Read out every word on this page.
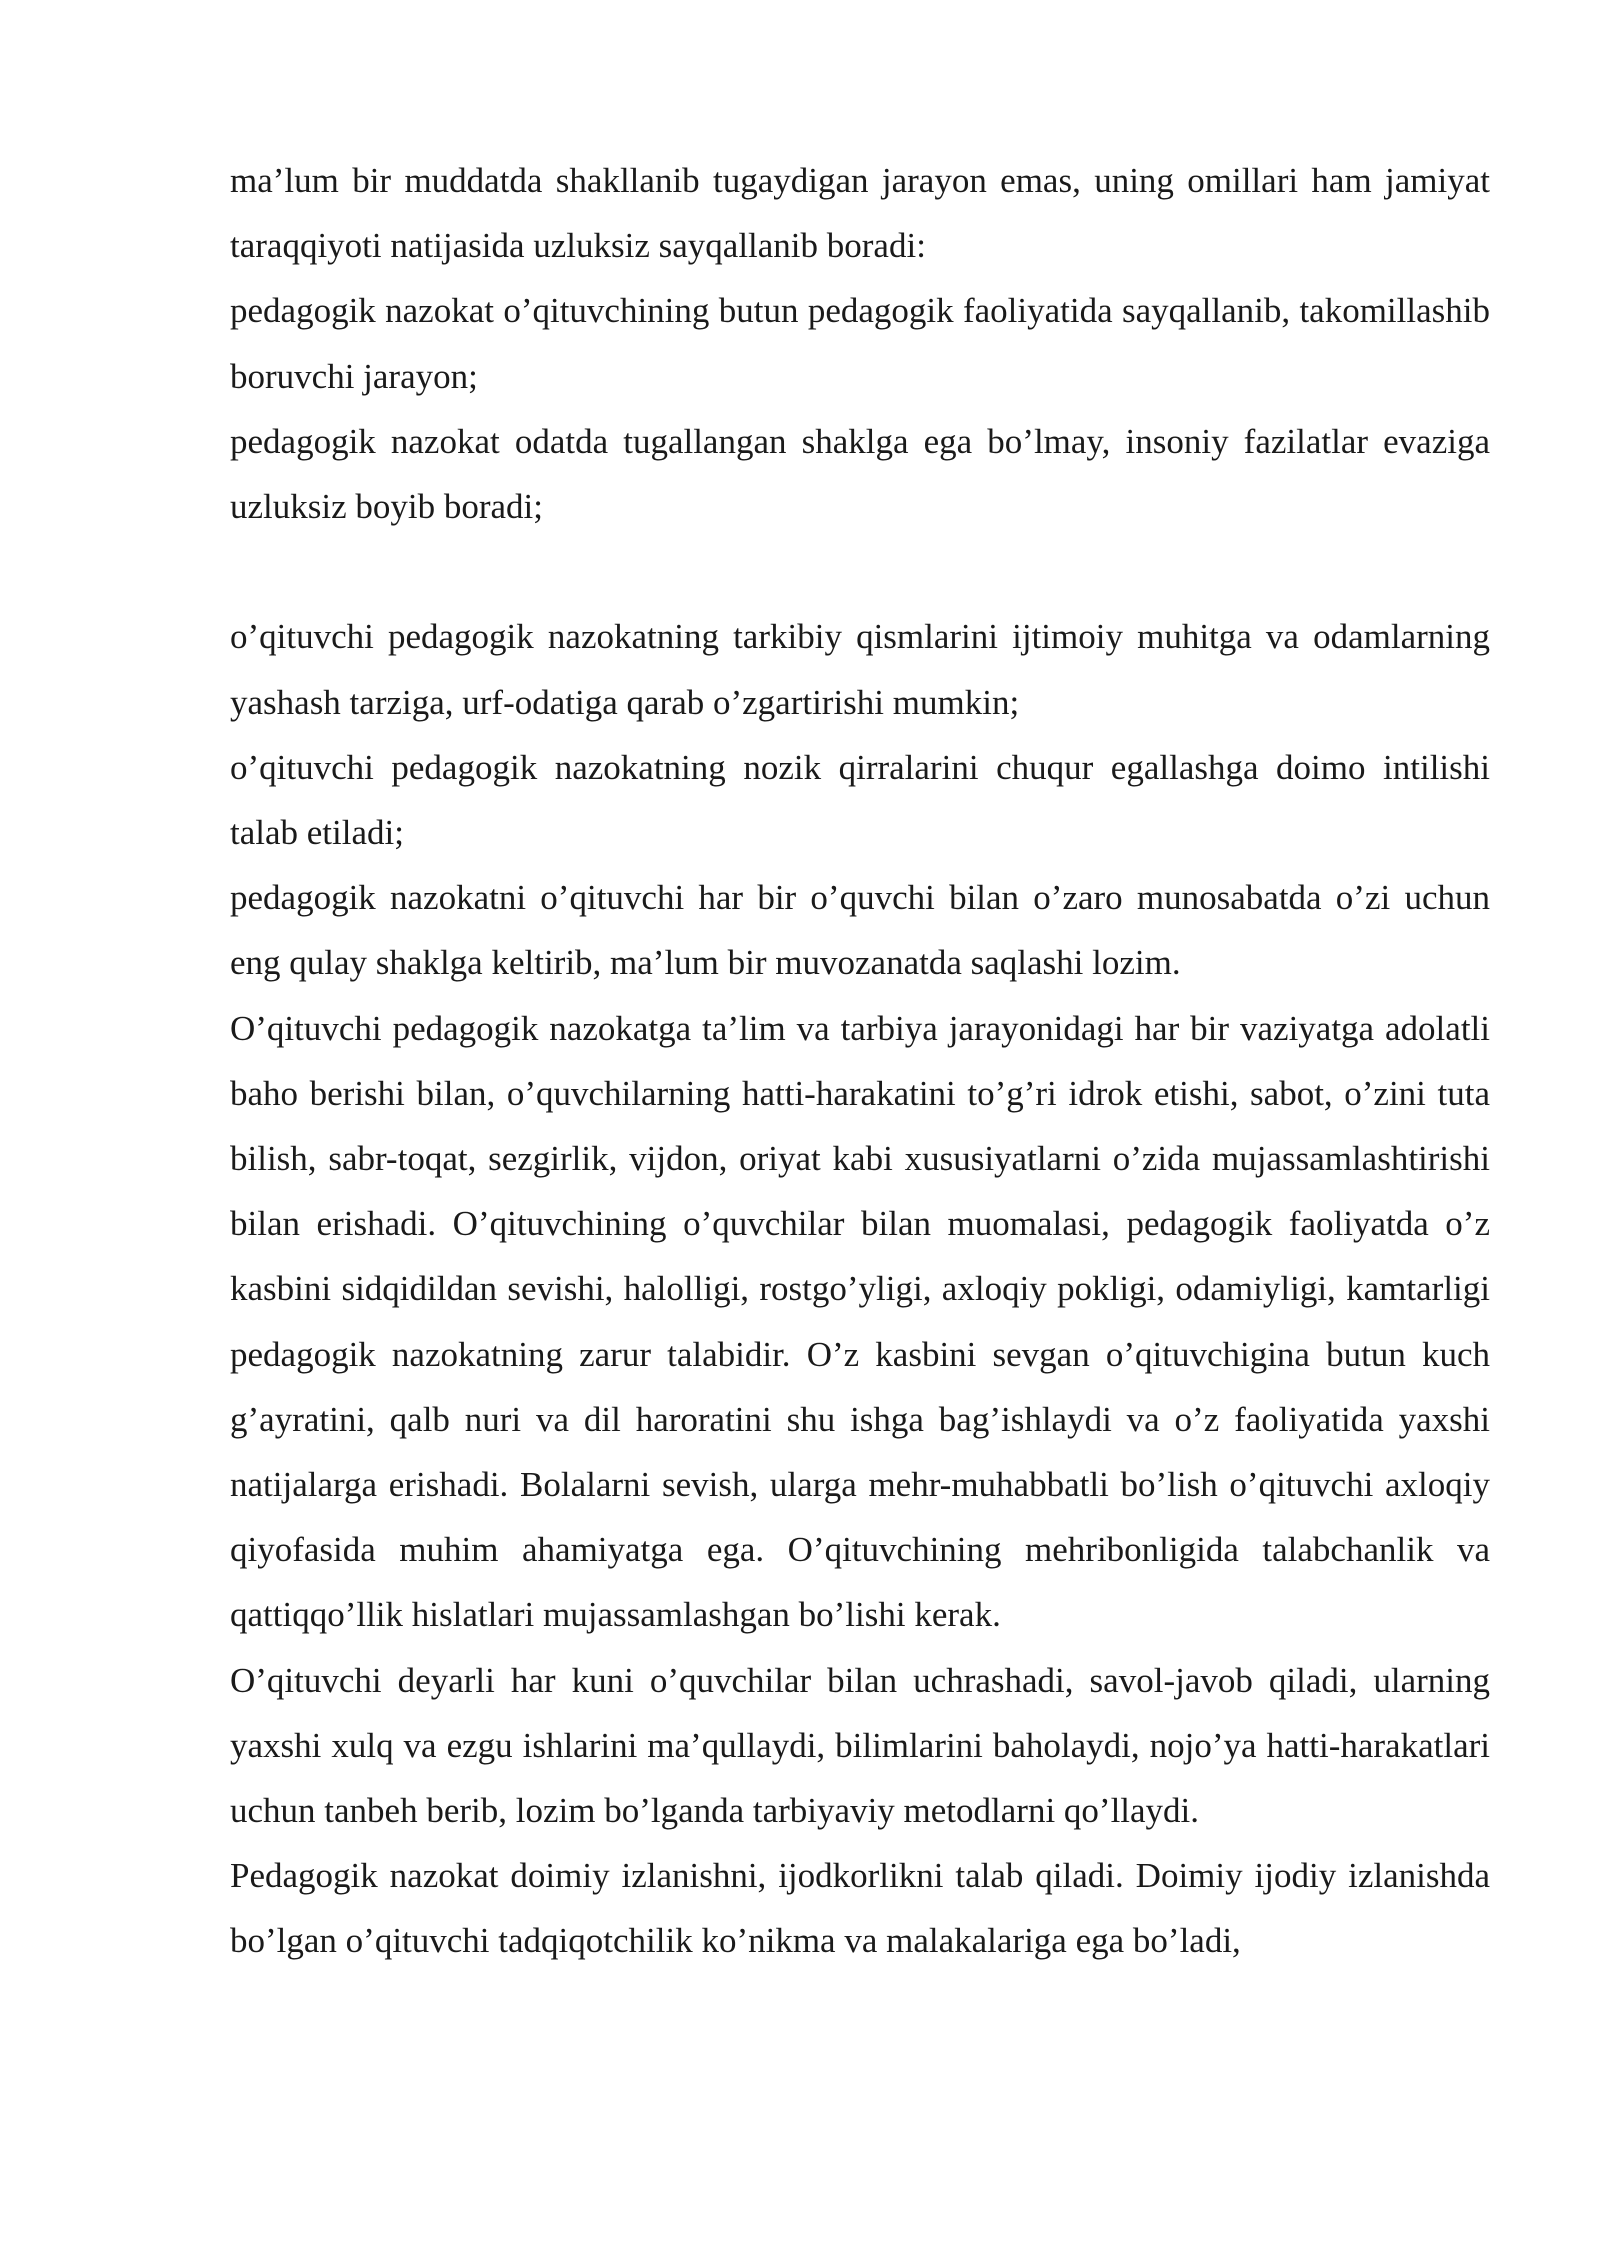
ma’lum bir muddatda shakllanib tugaydigan jarayon emas, uning omillari ham jamiyat taraqqiyoti natijasida uzluksiz sayqallanib boradi:

pedagogik nazokat o’qituvchining butun pedagogik faoliyatida sayqallanib, takomillashib boruvchi jarayon;

pedagogik nazokat odatda tugallangan shaklga ega bo’lmay, insoniy fazilatlar evaziga uzluksiz boyib boradi;

o’qituvchi pedagogik nazokatning tarkibiy qismlarini ijtimoiy muhitga va odamlarning yashash tarziga, urf-odatiga qarab o’zgartirishi mumkin;

o’qituvchi pedagogik nazokatning nozik qirralarini chuqur egallashga doimo intilishi talab etiladi;

pedagogik nazokatni o’qituvchi har bir o’quvchi bilan o’zaro munosabatda o’zi uchun eng qulay shaklga keltirib, ma’lum bir muvozanatda saqlashi lozim.

O’qituvchi pedagogik nazokatga ta’lim va tarbiya jarayonidagi har bir vaziyatga adolatli baho berishi bilan, o’quvchilarning hatti-harakatini to’g’ri idrok etishi, sabot, o’zini tuta bilish, sabr-toqat, sezgirlik, vijdon, oriyat kabi xususiyatlarni o’zida mujassamlashtirishi bilan erishadi. O’qituvchining o’quvchilar bilan muomalasi, pedagogik faoliyatda o’z kasbini sidqidildan sevishi, halolligi, rostgo’yligi, axloqiy pokligi, odamiyligi, kamtarligi pedagogik nazokatning zarur talabidir. O’z kasbini sevgan o’qituvchigina butun kuch g’ayratini, qalb nuri va dil haroratini shu ishga bag’ishlaydi va o’z faoliyatida yaxshi natijalarga erishadi. Bolalarni sevish, ularga mehr-muhabbatli bo’lish o’qituvchi axloqiy qiyofasida muhim ahamiyatga ega. O’qituvchining mehribonligida talabchanlik va qattiqqo’llik hislatlari mujassamlashgan bo’lishi kerak.

O’qituvchi deyarli har kuni o’quvchilar bilan uchrashadi, savol-javob qiladi, ularning yaxshi xulq va ezgu ishlarini ma’qullaydi, bilimlarini baholaydi, nojo’ya hatti-harakatlari uchun tanbeh berib, lozim bo’lganda tarbiyaviy metodlarni qo’llaydi.

Pedagogik nazokat doimiy izlanishni, ijodkorlikni talab qiladi. Doimiy ijodiy izlanishda bo’lgan o’qituvchi tadqiqotchilik ko’nikma va malakalariga ega bo’ladi,
